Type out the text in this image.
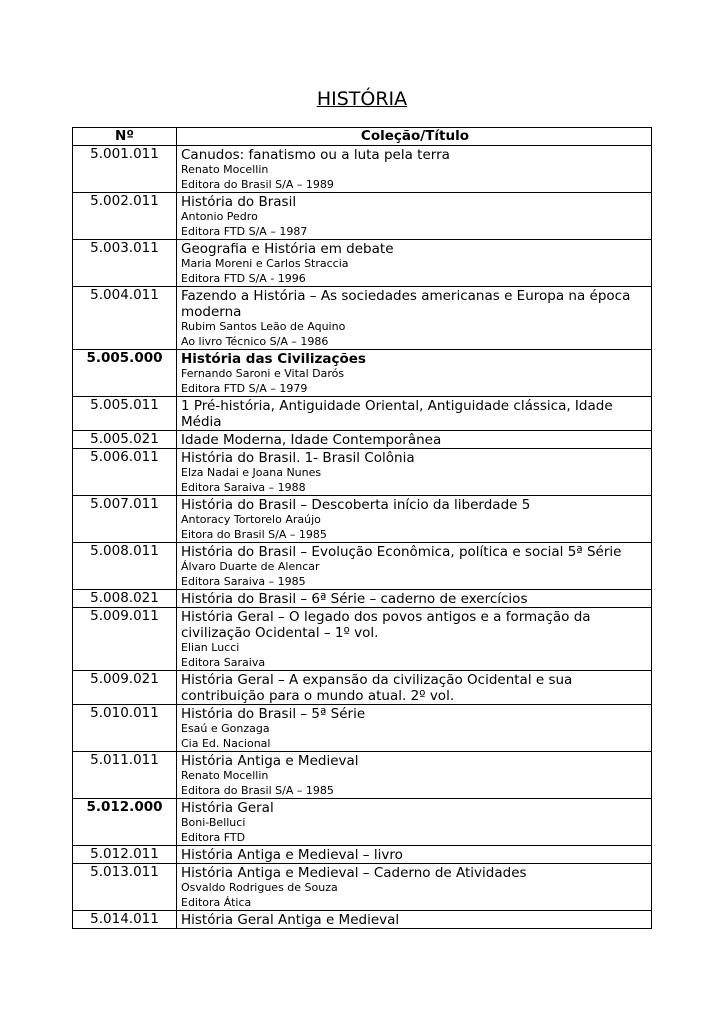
HISTÓRIA
Nº	Coleção/Título
5.001.011	Canudos: fanatismo ou a luta pela terra
Renato Mocellin
Editora do Brasil S/A – 1989

5.002.011	História do Brasil
Antonio Pedro
Editora FTD S/A – 1987

5.003.011	Geografia e História em debate
Maria Moreni e Carlos Straccia
Editora FTD S/A - 1996

5.004.011	Fazendo a História – As sociedades americanas e Europa na época moderna
Rubim Santos Leão de Aquino
Ao livro Técnico S/A – 1986

5.005.000	História das Civilizações
Fernando Saroni e Vital Darós
Editora FTD S/A – 1979

5.005.011	1 Pré-história, Antiguidade Oriental, Antiguidade clássica, Idade Média

5.005.021	Idade Moderna, Idade Contemporânea

5.006.011	História do Brasil. 1- Brasil Colônia
Elza Nadai e Joana Nunes
Editora Saraiva – 1988

5.007.011	História do Brasil – Descoberta início da liberdade 5
Antoracy Tortorelo Araújo
Eitora do Brasil S/A – 1985

5.008.011	História do Brasil – Evolução Econômica, política e social 5ª Série
Álvaro Duarte de Alencar
Editora Saraiva – 1985

5.008.021	História do Brasil – 6ª Série – caderno de exercícios

5.009.011	História Geral – O legado dos povos antigos e a formação da civilização Ocidental – 1º vol.
Elian Lucci
Editora Saraiva

5.009.021	História Geral – A expansão da civilização Ocidental e sua contribuição para o mundo atual. 2º vol.

5.010.011	História do Brasil – 5ª Série
Esaú e Gonzaga
Cia Ed. Nacional

5.011.011	História Antiga e Medieval
Renato Mocellin
Editora do Brasil S/A – 1985

5.012.000	História Geral
Boni-Belluci
Editora FTD

5.012.011	História Antiga e Medieval – livro

5.013.011	História Antiga e Medieval – Caderno de Atividades
Osvaldo Rodrigues de Souza
Editora Ática

5.014.011	História Geral Antiga e Medieval
